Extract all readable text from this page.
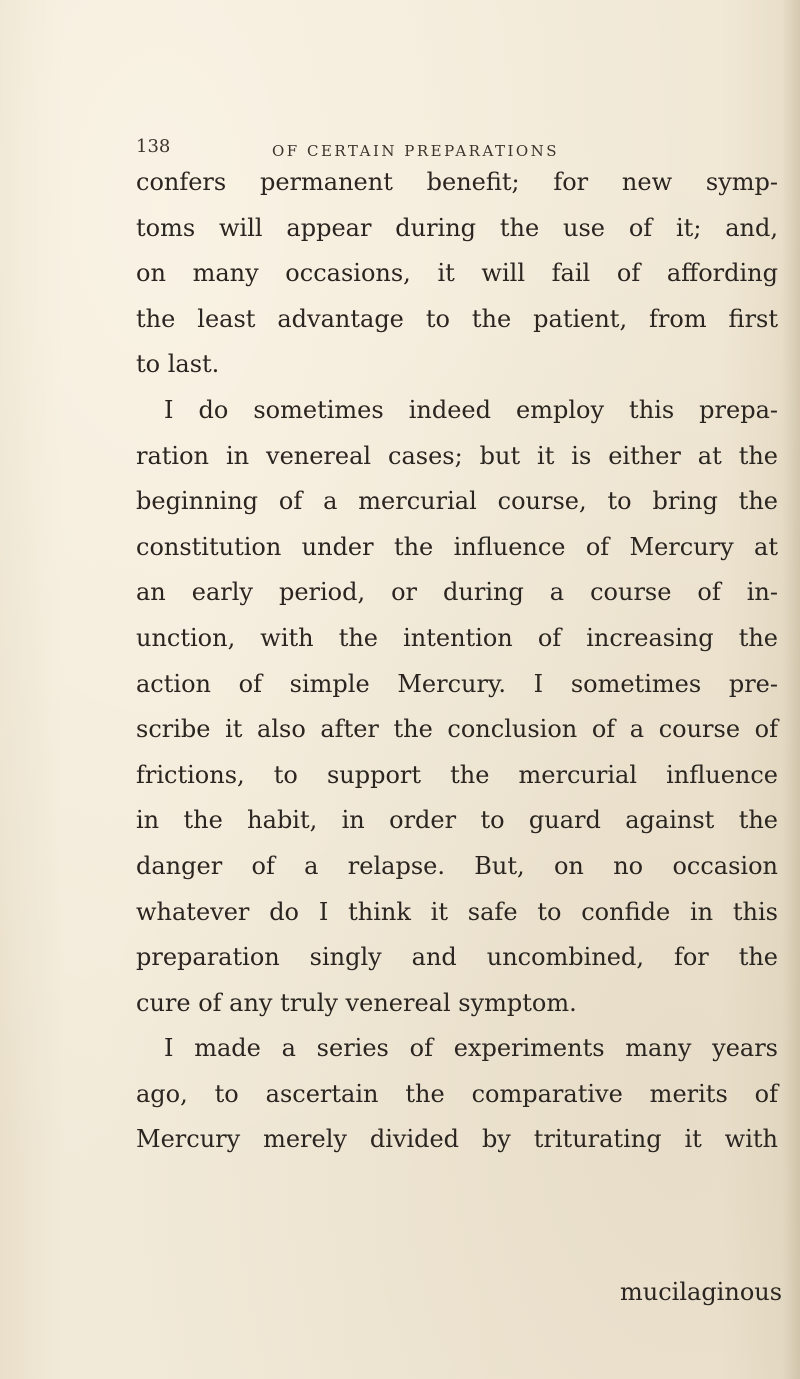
138	OF CERTAIN PREPARATIONS
confers permanent benefit; for new symp-
toms will appear during the use of it; and,
on many occasions, it will fail of affording
the least advantage to the patient, from first
to last.
I do sometimes indeed employ this prepa-
ration in venereal cases; but it is either at the
beginning of a mercurial course, to bring the
constitution under the influence of Mercury at
an early period, or during a course of in-
unction, with the intention of increasing the
action of simple Mercury. I sometimes pre-
scribe it also after the conclusion of a course of
frictions, to support the mercurial influence
in the habit, in order to guard against the
danger of a relapse. But, on no occasion
whatever do I think it safe to confide in this
preparation singly and uncombined, for the
cure of any truly venereal symptom.
I made a series of experiments many years
ago, to ascertain the comparative merits of
Mercury merely divided by triturating it with
mucilaginous
